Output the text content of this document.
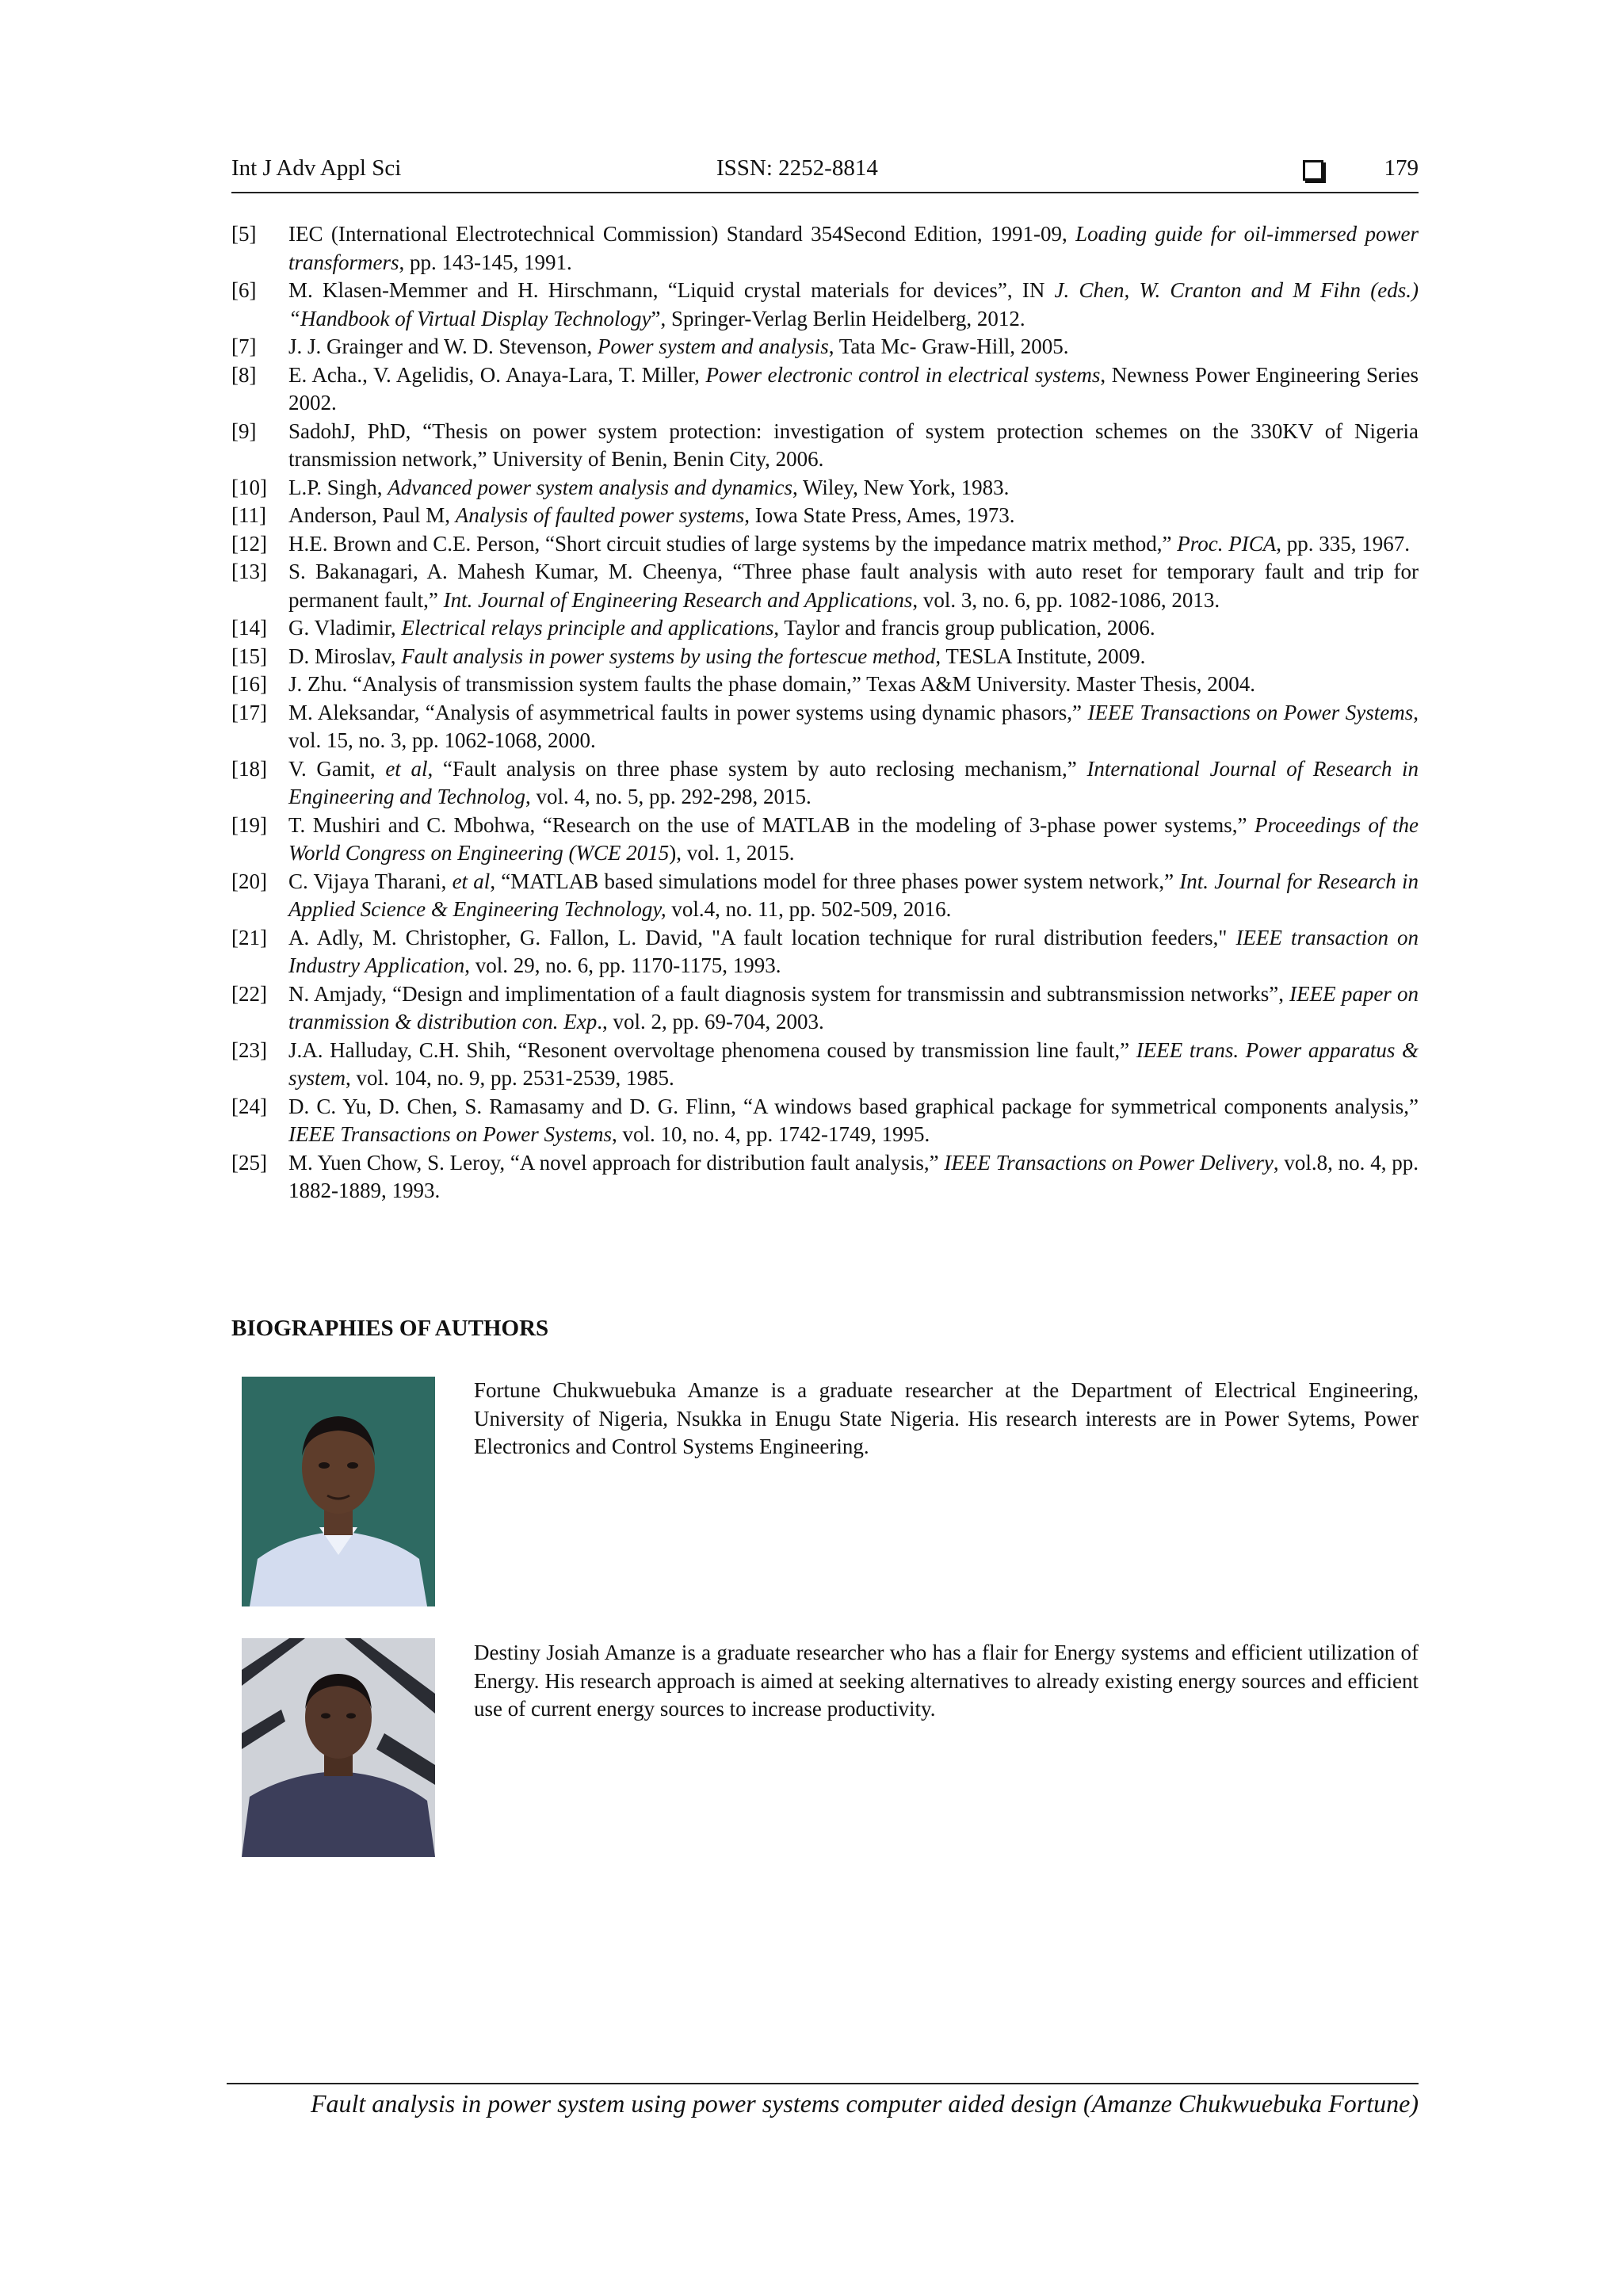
Int J Adv Appl Sci	ISSN: 2252-8814	179
[5] IEC (International Electrotechnical Commission) Standard 354Second Edition, 1991-09, Loading guide for oil-immersed power transformers, pp. 143-145, 1991.
[6] M. Klasen-Memmer and H. Hirschmann, “Liquid crystal materials for devices”, IN J. Chen, W. Cranton and M Fihn (eds.) “Handbook of Virtual Display Technology”, Springer-Verlag Berlin Heidelberg, 2012.
[7] J. J. Grainger and W. D. Stevenson, Power system and analysis, Tata Mc- Graw-Hill, 2005.
[8] E. Acha., V. Agelidis, O. Anaya-Lara, T. Miller, Power electronic control in electrical systems, Newness Power Engineering Series 2002.
[9] SadohJ, PhD, “Thesis on power system protection: investigation of system protection schemes on the 330KV of Nigeria transmission network,” University of Benin, Benin City, 2006.
[10] L.P. Singh, Advanced power system analysis and dynamics, Wiley, New York, 1983.
[11] Anderson, Paul M, Analysis of faulted power systems, Iowa State Press, Ames, 1973.
[12] H.E. Brown and C.E. Person, “Short circuit studies of large systems by the impedance matrix method,” Proc. PICA, pp. 335, 1967.
[13] S. Bakanagari, A. Mahesh Kumar, M. Cheenya, “Three phase fault analysis with auto reset for temporary fault and trip for permanent fault,” Int. Journal of Engineering Research and Applications, vol. 3, no. 6, pp. 1082-1086, 2013.
[14] G. Vladimir, Electrical relays principle and applications, Taylor and francis group publication, 2006.
[15] D. Miroslav, Fault analysis in power systems by using the fortescue method, TESLA Institute, 2009.
[16] J. Zhu. “Analysis of transmission system faults the phase domain,” Texas A&M University. Master Thesis, 2004.
[17] M. Aleksandar, “Analysis of asymmetrical faults in power systems using dynamic phasors,” IEEE Transactions on Power Systems, vol. 15, no. 3, pp. 1062-1068, 2000.
[18] V. Gamit, et al, “Fault analysis on three phase system by auto reclosing mechanism,” International Journal of Research in Engineering and Technolog, vol. 4, no. 5, pp. 292-298, 2015.
[19] T. Mushiri and C. Mbohwa, “Research on the use of MATLAB in the modeling of 3-phase power systems,” Proceedings of the World Congress on Engineering (WCE 2015), vol. 1, 2015.
[20] C. Vijaya Tharani, et al, “MATLAB based simulations model for three phases power system network,” Int. Journal for Research in Applied Science & Engineering Technology, vol.4, no. 11, pp. 502-509, 2016.
[21] A. Adly, M. Christopher, G. Fallon, L. David, "A fault location technique for rural distribution feeders," IEEE transaction on Industry Application, vol. 29, no. 6, pp. 1170-1175, 1993.
[22] N. Amjady, “Design and implimentation of a fault diagnosis system for transmissin and subtransmission networks”, IEEE paper on tranmission & distribution con. Exp., vol. 2, pp. 69-704, 2003.
[23] J.A. Halluday, C.H. Shih, “Resonent overvoltage phenomena coused by transmission line fault,” IEEE trans. Power apparatus & system, vol. 104, no. 9, pp. 2531-2539, 1985.
[24] D. C. Yu, D. Chen, S. Ramasamy and D. G. Flinn, “A windows based graphical package for symmetrical components analysis,” IEEE Transactions on Power Systems, vol. 10, no. 4, pp. 1742-1749, 1995.
[25] M. Yuen Chow, S. Leroy, “A novel approach for distribution fault analysis,” IEEE Transactions on Power Delivery, vol.8, no. 4, pp. 1882-1889, 1993.
BIOGRAPHIES OF AUTHORS
Fortune Chukwuebuka Amanze is a graduate researcher at the Department of Electrical Engineering, University of Nigeria, Nsukka in Enugu State Nigeria. His research interests are in Power Sytems, Power Electronics and Control Systems Engineering.
Destiny Josiah Amanze is a graduate researcher who has a flair for Energy systems and efficient utilization of Energy. His research approach is aimed at seeking alternatives to already existing energy sources and efficient use of current energy sources to increase productivity.
Fault analysis in power system using power systems computer aided design (Amanze Chukwuebuka Fortune)
